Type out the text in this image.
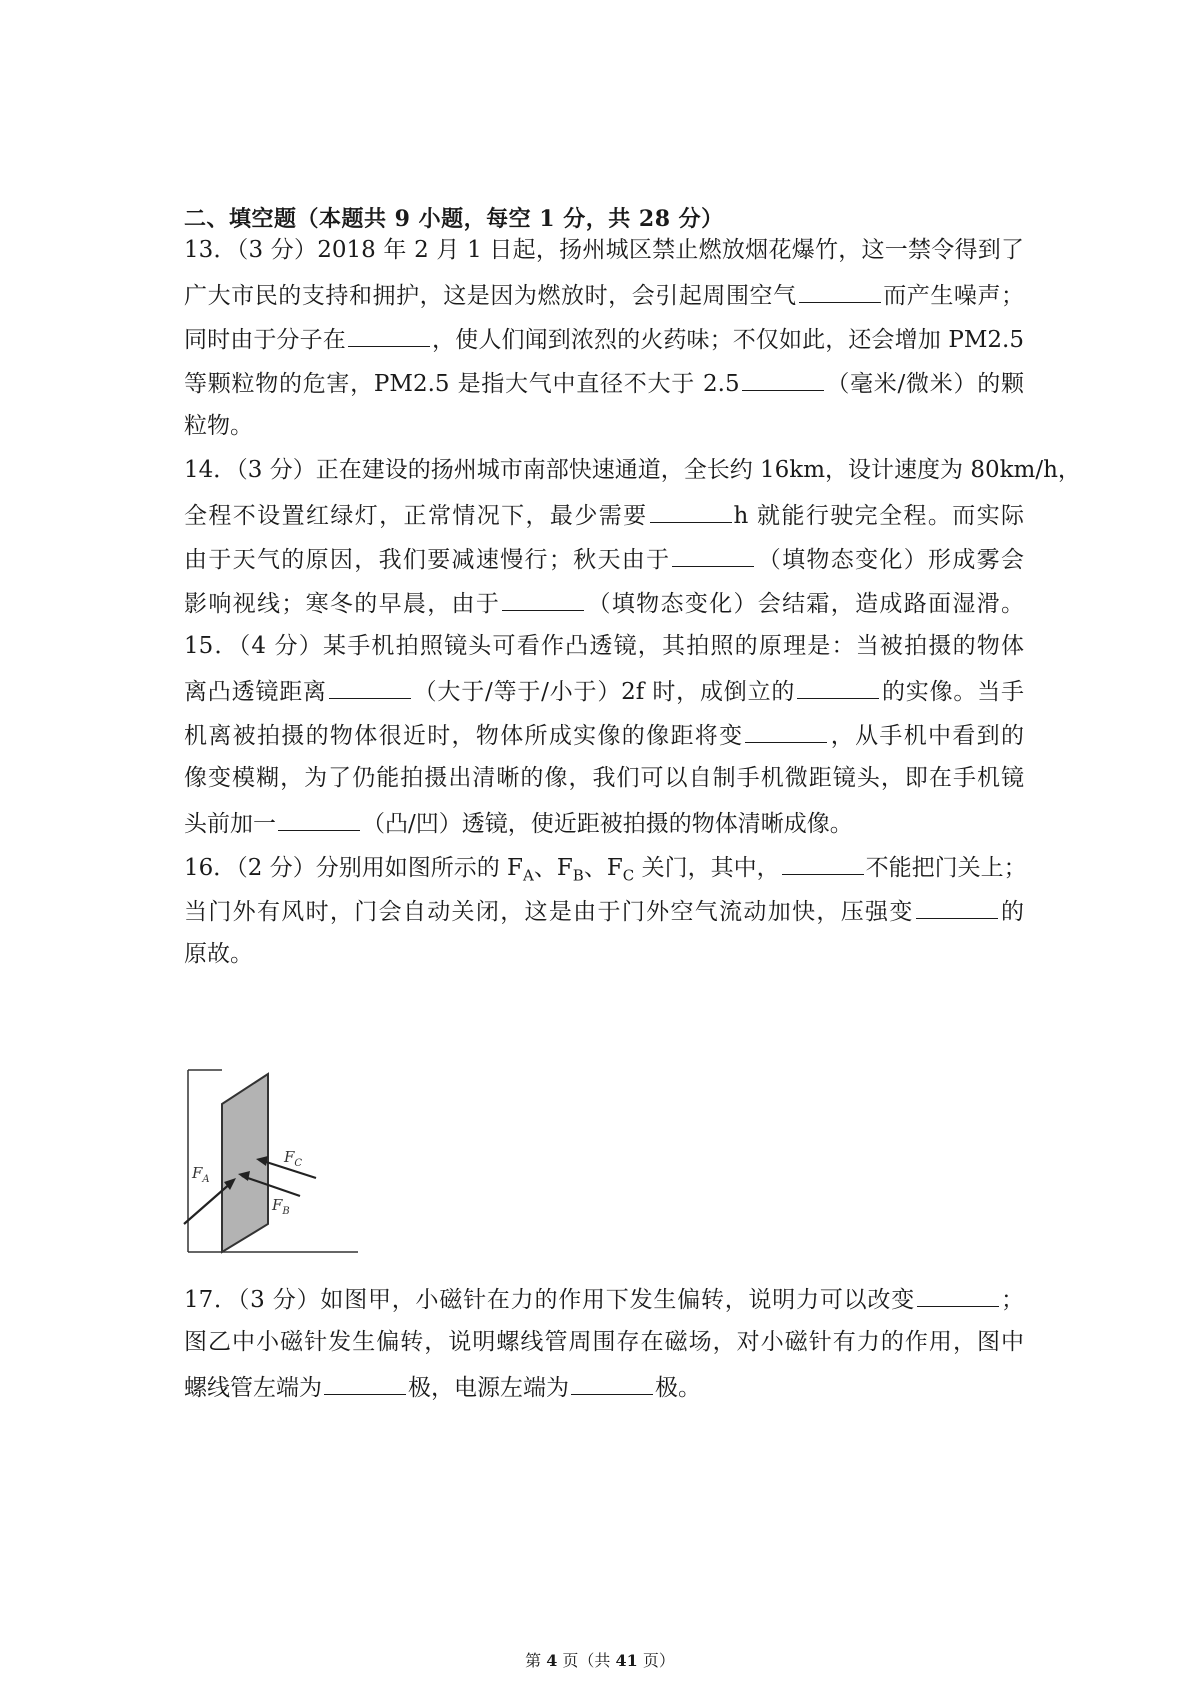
二、填空题（本题共 9 小题，每空 1 分，共 28 分）
13．（3 分）2018 年 2 月 1 日起，扬州城区禁止燃放烟花爆竹，这一禁令得到了
广大市民的支持和拥护，这是因为燃放时，会引起周围空气	而产生噪声；
同时由于分子在	，使人们闻到浓烈的火药味；不仅如此，还会增加 PM2.5
等颗粒物的危害，PM2.5 是指大气中直径不大于 2.5	（毫米/微米）的颗
粒物。
14．（3 分）正在建设的扬州城市南部快速通道，全长约 16km，设计速度为 80km/h，
全程不设置红绿灯，正常情况下，最少需要	h 就能行驶完全程。而实际
由于天气的原因，我们要减速慢行；秋天由于	（填物态变化）形成雾会
影响视线；寒冬的早晨，由于	（填物态变化）会结霜，造成路面湿滑。
15．（4 分）某手机拍照镜头可看作凸透镜，其拍照的原理是：当被拍摄的物体
离凸透镜距离	（大于/等于/小于）2f 时，成倒立的	的实像。当手
机离被拍摄的物体很近时，物体所成实像的像距将变	，从手机中看到的
像变模糊，为了仍能拍摄出清晰的像，我们可以自制手机微距镜头，即在手机镜
头前加一	（凸/凹）透镜，使近距被拍摄的物体清晰成像。
16．（2 分）分别用如图所示的 $F_A$、$F_B$、$F_C$ 关门，其中，	不能把门关上；
当门外有风时，门会自动关闭，这是由于门外空气流动加快，压强变	的
原故。
$F_A$
$F_C$
$F_B$
17．（3 分）如图甲，小磁针在力的作用下发生偏转，说明力可以改变	；
图乙中小磁针发生偏转，说明螺线管周围存在磁场，对小磁针有力的作用，图中
螺线管左端为	极，电源左端为	极。
第 4 页（共 41 页）
